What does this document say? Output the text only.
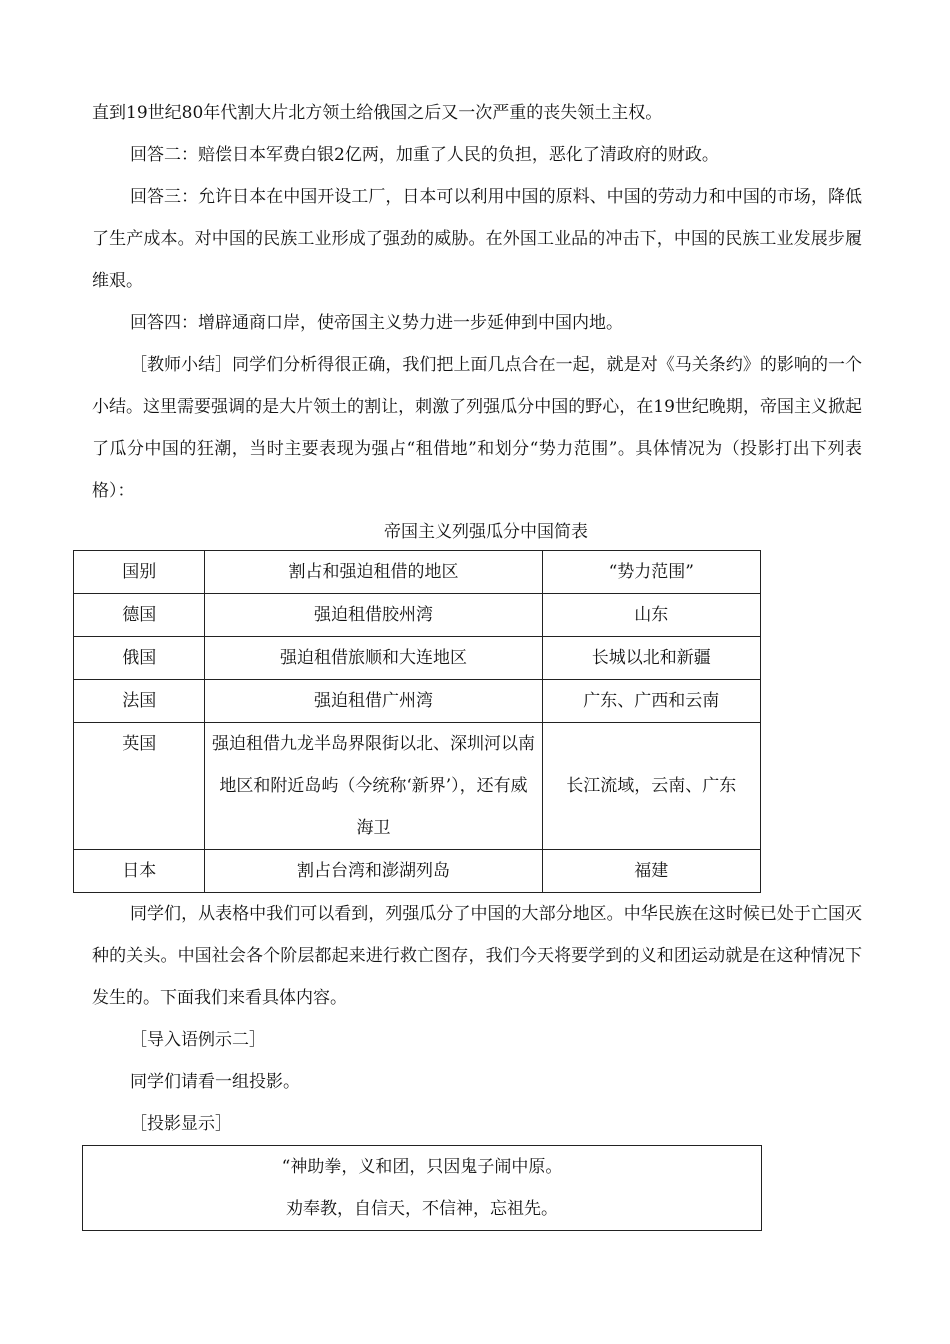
直到19世纪80年代割大片北方领土给俄国之后又一次严重的丧失领土主权。

回答二：赔偿日本军费白银2亿两，加重了人民的负担，恶化了清政府的财政。

回答三：允许日本在中国开设工厂，日本可以利用中国的原料、中国的劳动力和中国的市场，降低了生产成本。对中国的民族工业形成了强劲的威胁。在外国工业品的冲击下，中国的民族工业发展步履维艰。

回答四：增辟通商口岸，使帝国主义势力进一步延伸到中国内地。

［教师小结］同学们分析得很正确，我们把上面几点合在一起，就是对《马关条约》的影响的一个小结。这里需要强调的是大片领土的割让，刺激了列强瓜分中国的野心，在19世纪晚期，帝国主义掀起了瓜分中国的狂潮，当时主要表现为强占“租借地”和划分“势力范围”。具体情况为（投影打出下列表格）：

帝国主义列强瓜分中国简表

国别	割占和强迫租借的地区	“势力范围”
德国	强迫租借胶州湾	山东
俄国	强迫租借旅顺和大连地区	长城以北和新疆
法国	强迫租借广州湾	广东、广西和云南
英国	强迫租借九龙半岛界限街以北、深圳河以南地区和附近岛屿（今统称‘新界’），还有威海卫	长江流域，云南、广东
日本	割占台湾和澎湖列岛	福建

同学们，从表格中我们可以看到，列强瓜分了中国的大部分地区。中华民族在这时候已处于亡国灭种的关头。中国社会各个阶层都起来进行救亡图存，我们今天将要学到的义和团运动就是在这种情况下发生的。下面我们来看具体内容。

［导入语例示二］

同学们请看一组投影。

［投影显示］

“神助拳，义和团，只因鬼子闹中原。

劝奉教，自信天，不信神，忘祖先。
